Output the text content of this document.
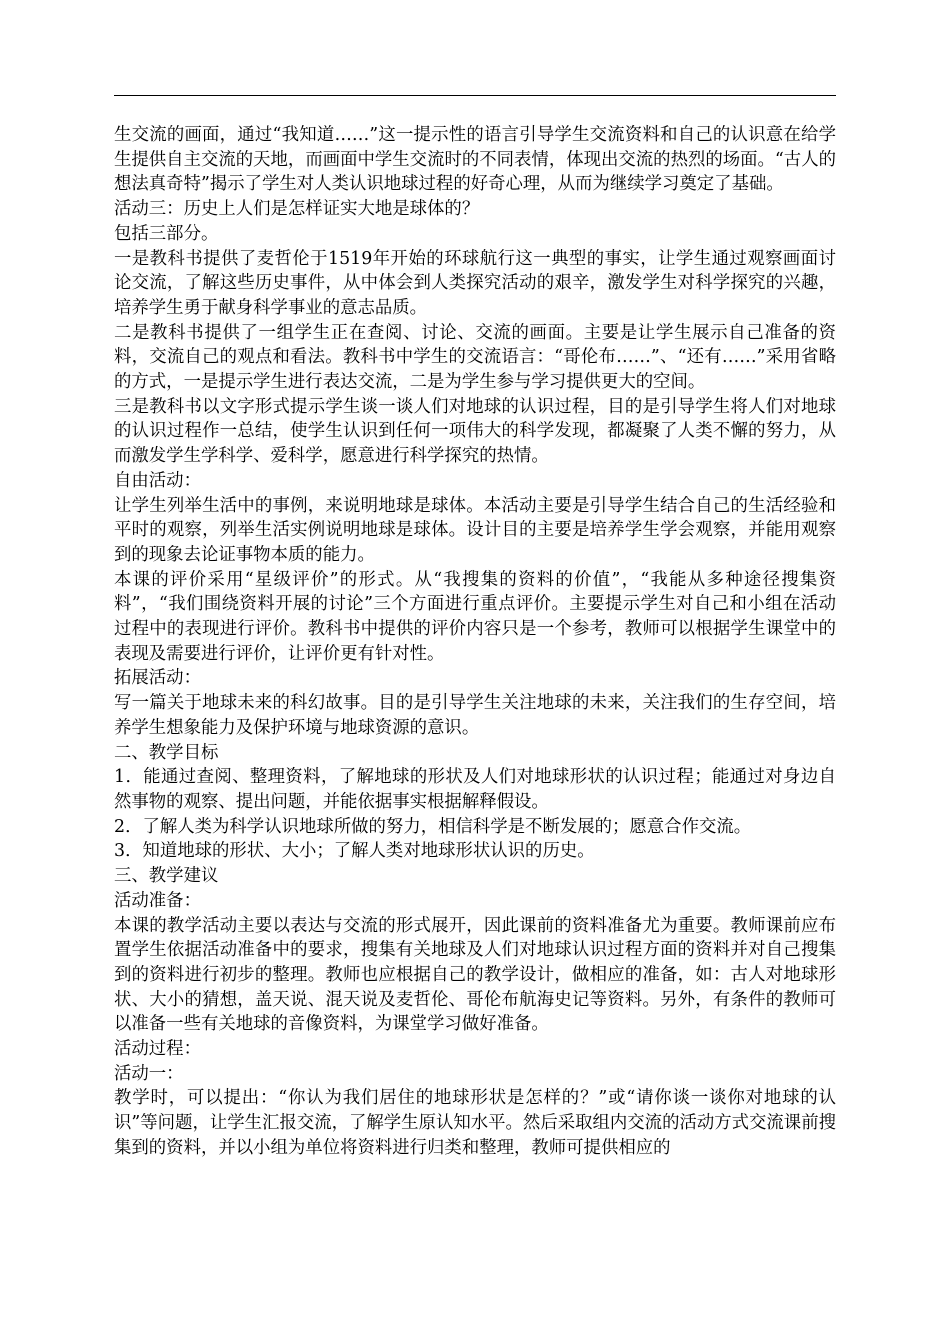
生交流的画面，通过“我知道……”这一提示性的语言引导学生交流资料和自己的认识意在给学生提供自主交流的天地，而画面中学生交流时的不同表情，体现出交流的热烈的场面。“古人的想法真奇特”揭示了学生对人类认识地球过程的好奇心理，从而为继续学习奠定了基础。

活动三：历史上人们是怎样证实大地是球体的？

包括三部分。

一是教科书提供了麦哲伦于1519年开始的环球航行这一典型的事实，让学生通过观察画面讨论交流，了解这些历史事件，从中体会到人类探究活动的艰辛，激发学生对科学探究的兴趣，培养学生勇于献身科学事业的意志品质。

二是教科书提供了一组学生正在查阅、讨论、交流的画面。主要是让学生展示自己准备的资料，交流自己的观点和看法。教科书中学生的交流语言：“哥伦布……”、“还有……”采用省略的方式，一是提示学生进行表达交流，二是为学生参与学习提供更大的空间。

三是教科书以文字形式提示学生谈一谈人们对地球的认识过程，目的是引导学生将人们对地球的认识过程作一总结，使学生认识到任何一项伟大的科学发现，都凝聚了人类不懈的努力，从而激发学生学科学、爱科学，愿意进行科学探究的热情。

自由活动：

让学生列举生活中的事例，来说明地球是球体。本活动主要是引导学生结合自己的生活经验和平时的观察，列举生活实例说明地球是球体。设计目的主要是培养学生学会观察，并能用观察到的现象去论证事物本质的能力。

本课的评价采用“星级评价”的形式。从“我搜集的资料的价值”，“我能从多种途径搜集资料”，“我们围绕资料开展的讨论”三个方面进行重点评价。主要提示学生对自己和小组在活动过程中的表现进行评价。教科书中提供的评价内容只是一个参考，教师可以根据学生课堂中的表现及需要进行评价，让评价更有针对性。

拓展活动：

写一篇关于地球未来的科幻故事。目的是引导学生关注地球的未来，关注我们的生存空间，培养学生想象能力及保护环境与地球资源的意识。

二、教学目标

1．能通过查阅、整理资料，了解地球的形状及人们对地球形状的认识过程；能通过对身边自然事物的观察、提出问题，并能依据事实根据解释假设。

2．了解人类为科学认识地球所做的努力，相信科学是不断发展的；愿意合作交流。

3．知道地球的形状、大小；了解人类对地球形状认识的历史。

三、教学建议

活动准备：

本课的教学活动主要以表达与交流的形式展开，因此课前的资料准备尤为重要。教师课前应布置学生依据活动准备中的要求，搜集有关地球及人们对地球认识过程方面的资料并对自己搜集到的资料进行初步的整理。教师也应根据自己的教学设计，做相应的准备，如：古人对地球形状、大小的猜想，盖天说、混天说及麦哲伦、哥伦布航海史记等资料。另外，有条件的教师可以准备一些有关地球的音像资料，为课堂学习做好准备。

活动过程：

活动一：

教学时，可以提出：“你认为我们居住的地球形状是怎样的？”或“请你谈一谈你对地球的认识”等问题，让学生汇报交流，了解学生原认知水平。然后采取组内交流的活动方式交流课前搜集到的资料，并以小组为单位将资料进行归类和整理，教师可提供相应的
